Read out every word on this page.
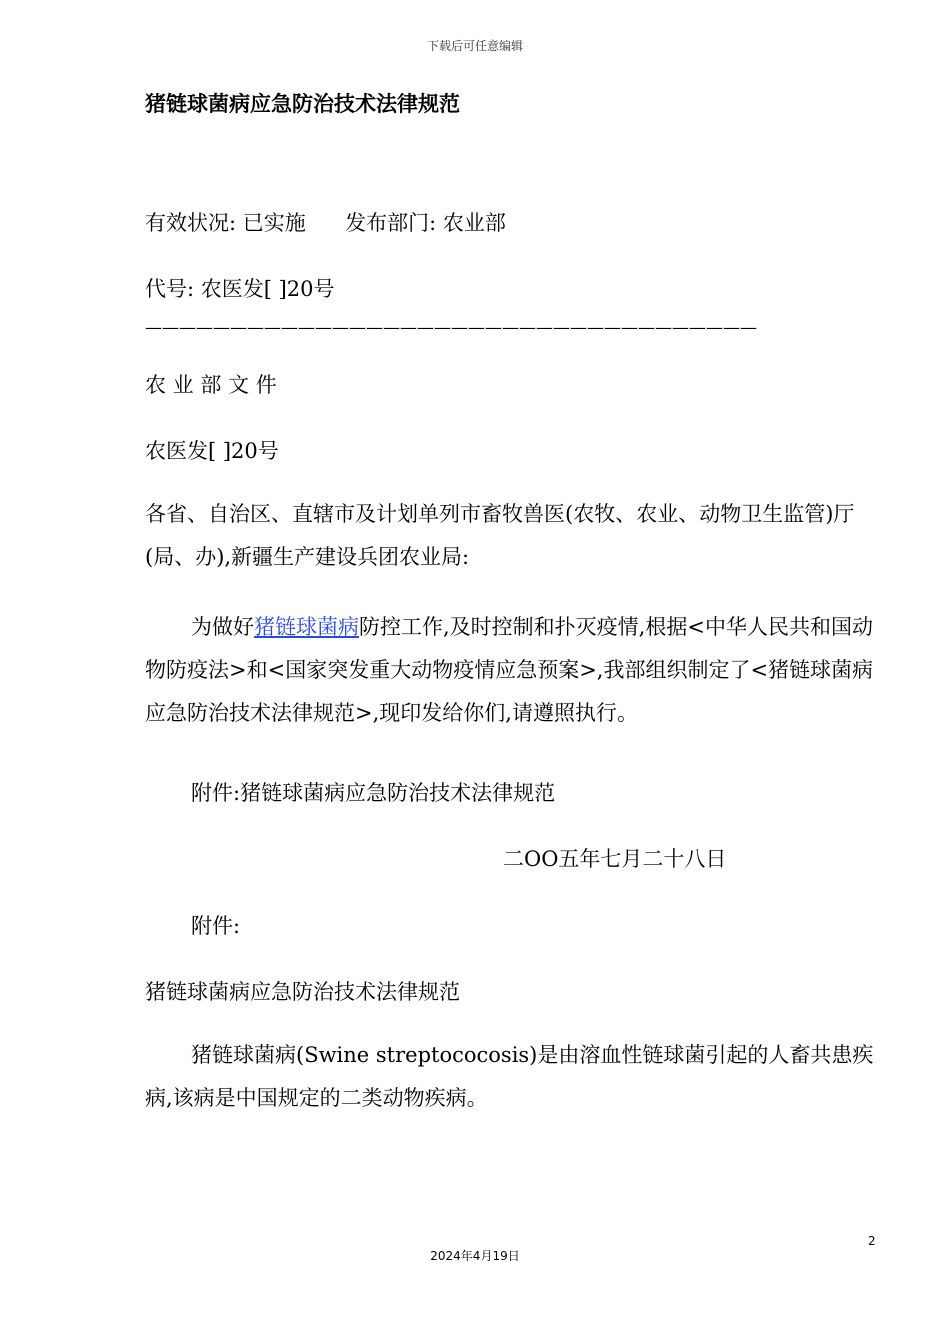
下载后可任意编辑
猪链球菌病应急防治技术法律规范
有效状况: 已实施 发布部门: 农业部
代号: 农医发[ ]20号
————————————————————————————————————
农 业 部 文 件
农医发[ ]20号
各省、自治区、直辖市及计划单列市畜牧兽医(农牧、农业、动物卫生监管)厅(局、办),新疆生产建设兵团农业局:
为做好猪链球菌病防控工作,及时控制和扑灭疫情,根据<中华人民共和国动物防疫法>和<国家突发重大动物疫情应急预案>,我部组织制定了<猪链球菌病应急防治技术法律规范>,现印发给你们,请遵照执行。
附件:猪链球菌病应急防治技术法律规范
二OO五年七月二十八日
附件:
猪链球菌病应急防治技术法律规范
猪链球菌病(Swine streptococosis)是由溶血性链球菌引起的人畜共患疾病,该病是中国规定的二类动物疾病。
2
2024年4月19日
